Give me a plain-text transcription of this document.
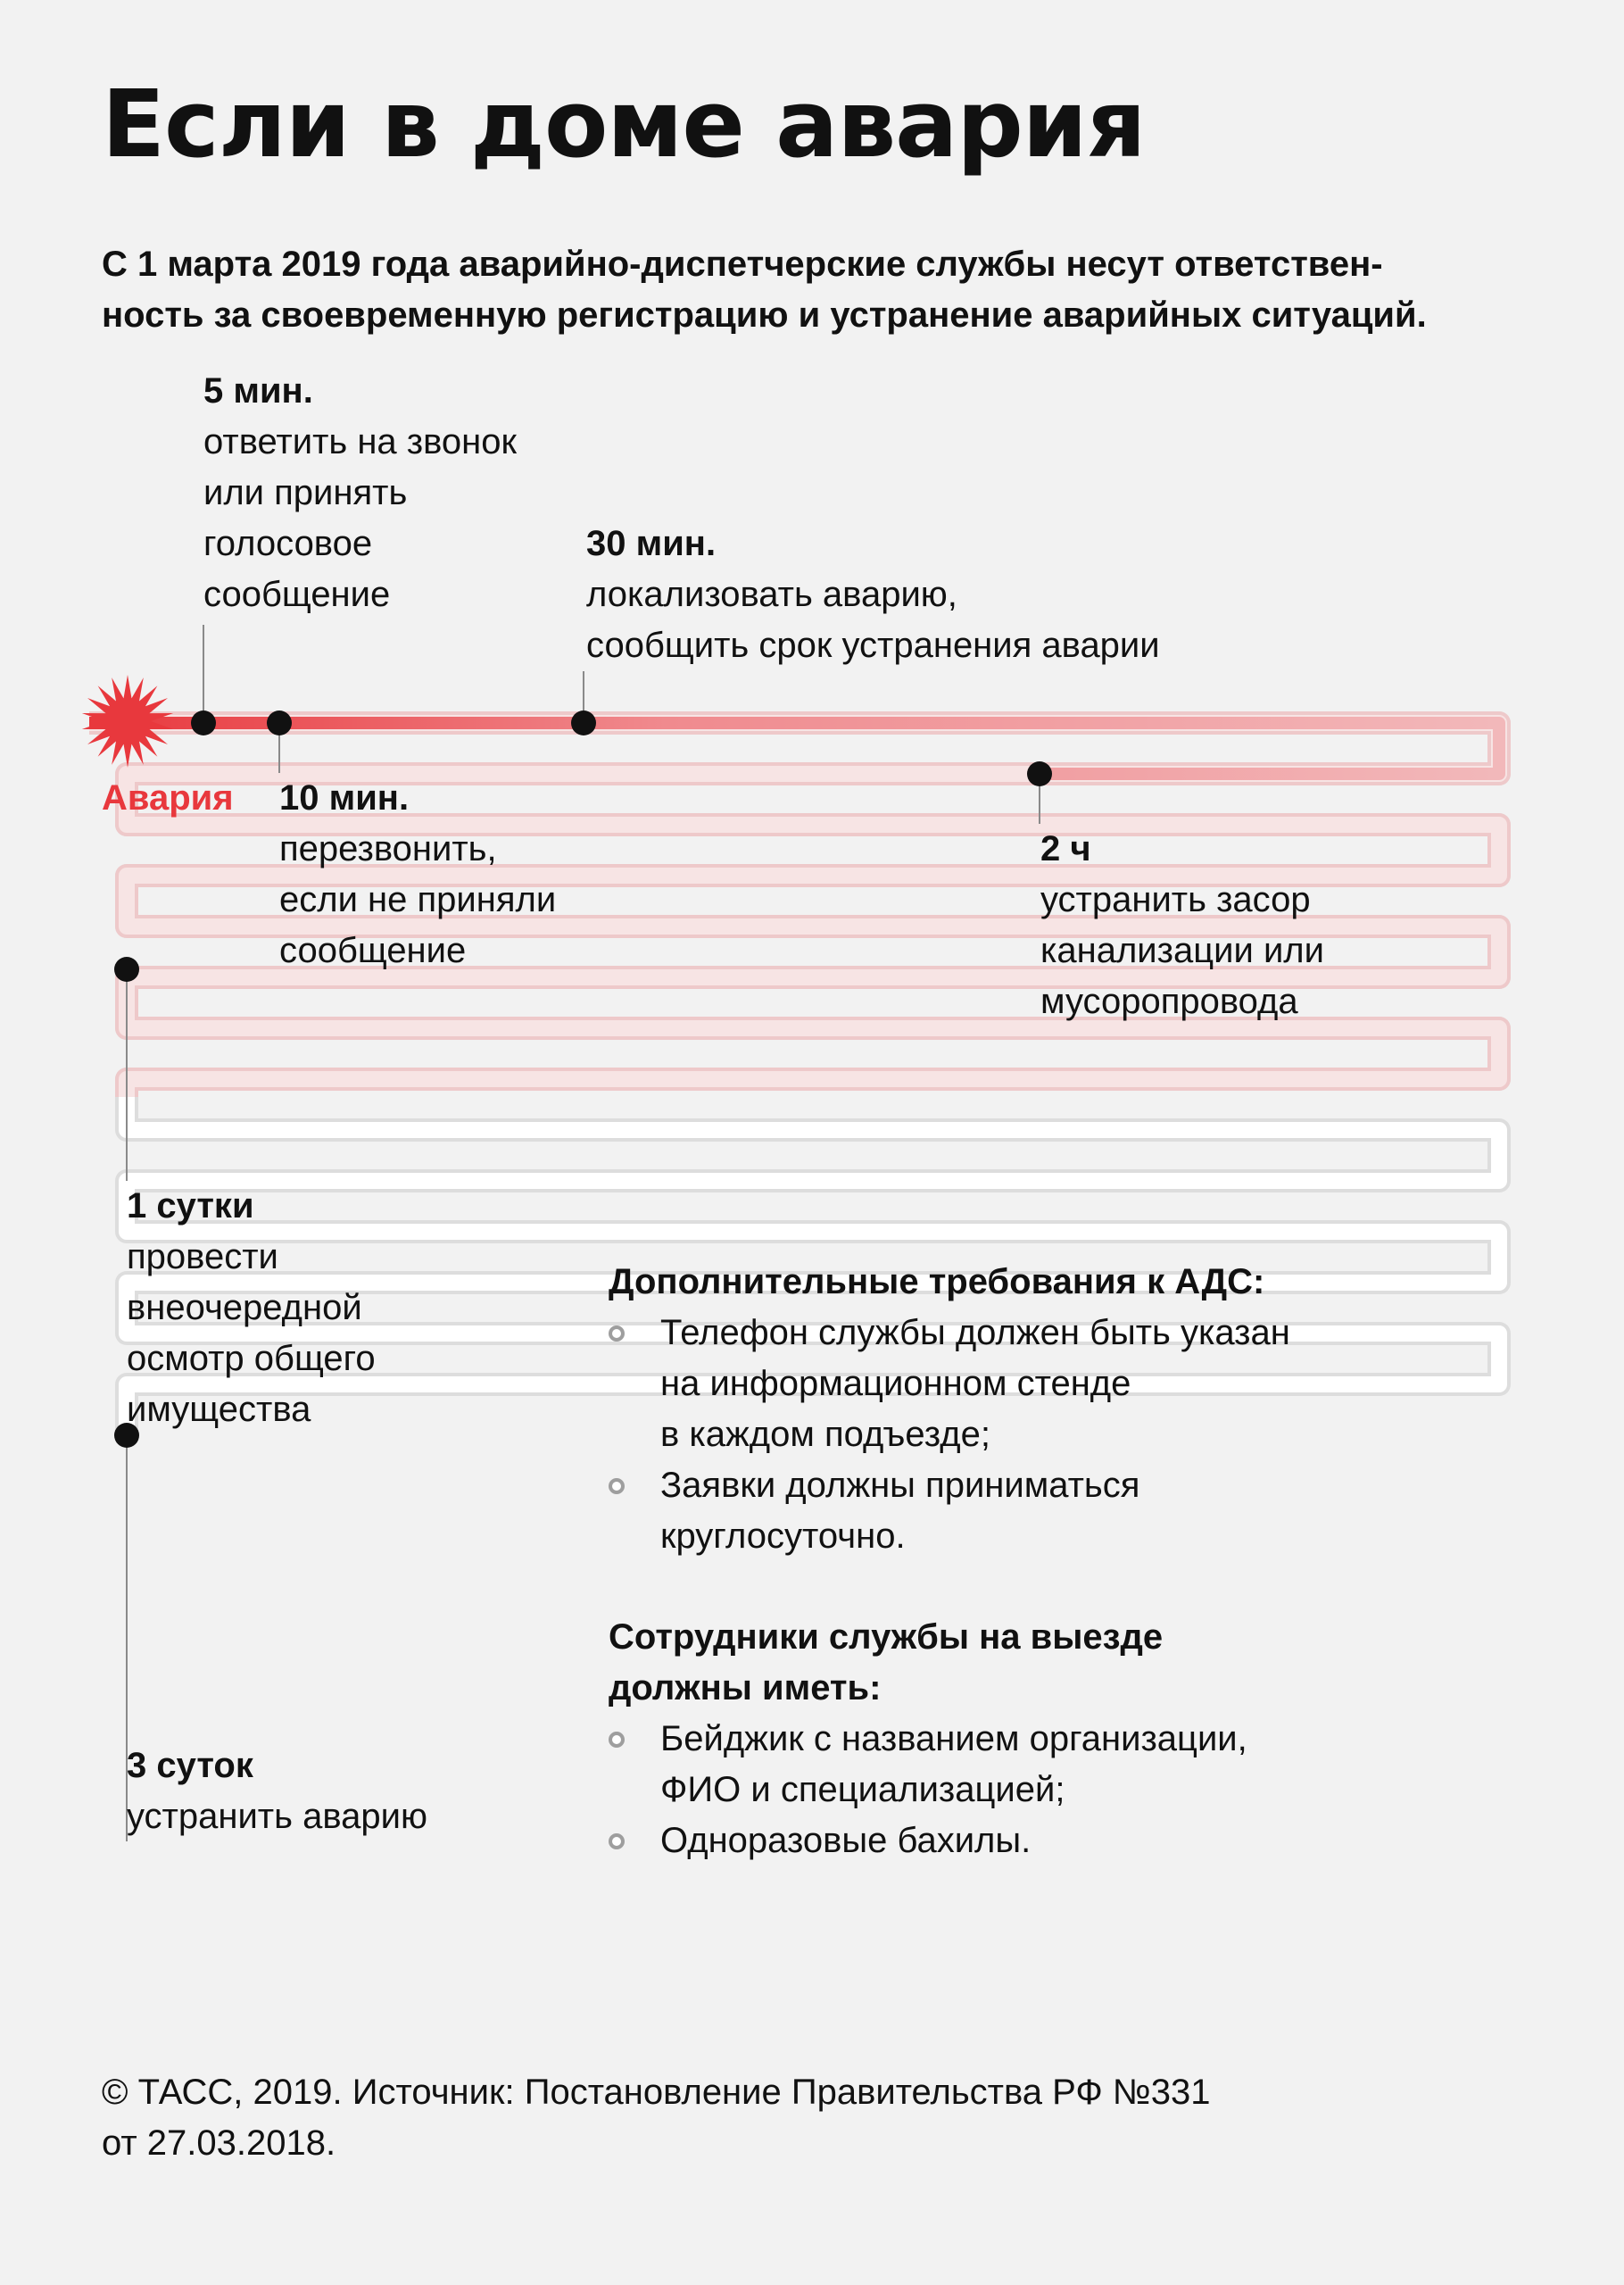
Если в доме авария
С 1 марта 2019 года аварийно-диспетчерские службы несут ответствен-
ность за своевременную регистрацию и устранение аварийных ситуаций.
Авария
5 мин.
ответить на звонок
или принять
голосовое
сообщение
10 мин.
перезвонить,
если не приняли
сообщение
30 мин.
локализовать аварию,
сообщить срок устранения аварии
2 ч
устранить засор
канализации или
мусоропровода
1 сутки
провести
внеочередной
осмотр общего
имущества
3 суток
устранить аварию
Дополнительные требования к АДС:
Телефон службы должен быть указан
на информационном стенде
в каждом подъезде;
Заявки должны приниматься
круглосуточно.
Сотрудники службы на выезде
должны иметь:
Бейджик с названием организации,
ФИО и специализацией;
Одноразовые бахилы.
© ТАСС, 2019. Источник: Постановление Правительства РФ №331
от 27.03.2018.
